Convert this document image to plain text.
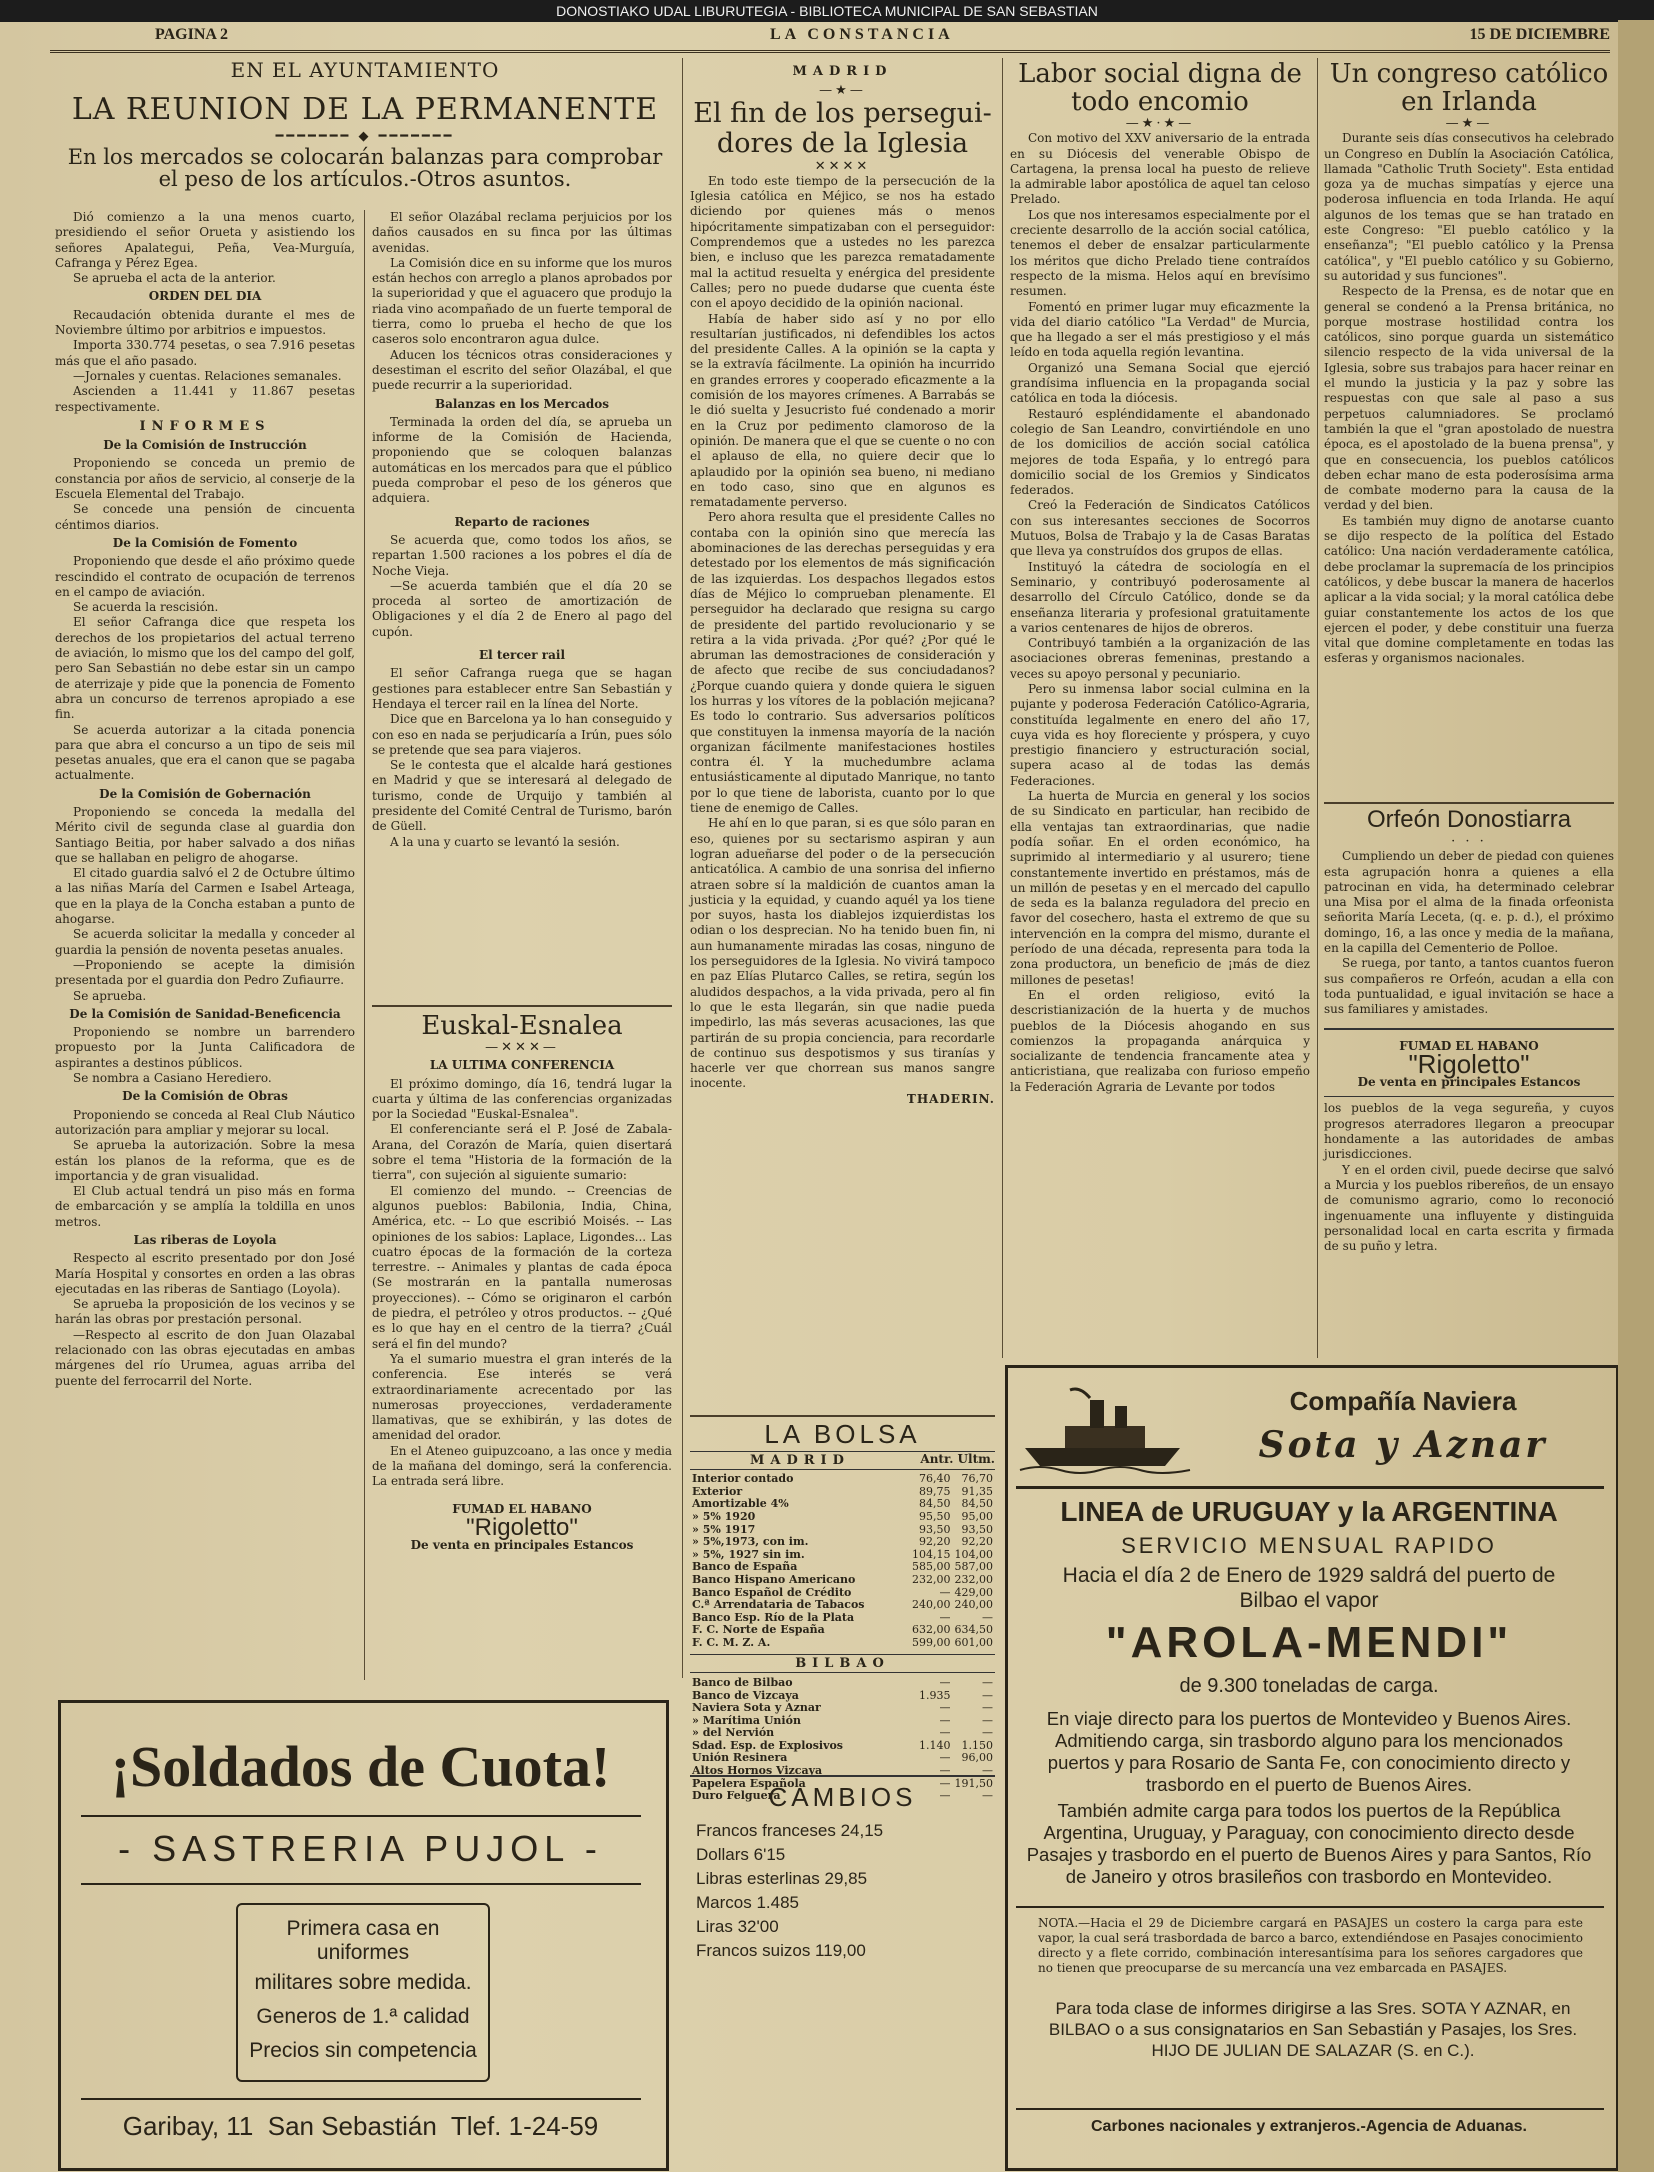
DONOSTIAKO UDAL LIBURUTEGIA - BIBLIOTECA MUNICIPAL DE SAN SEBASTIAN
PAGINA 2	LA CONSTANCIA	15 DE DICIEMBRE
EN EL AYUNTAMIENTO
LA REUNION DE LA PERMANENTE
━━━━━━━ ◆ ━━━━━━━
En los mercados se colocarán balanzas para comprobar el peso de los artículos.-Otros asuntos.

Dió comienzo a la una menos cuarto, presidiendo el señor Orueta y asistiendo los señores Apalategui, Peña, Vea-Murguía, Cafranga y Pérez Egea.

Se aprueba el acta de la anterior.

ORDEN DEL DIA

Recaudación obtenida durante el mes de Noviembre último por arbitrios e impuestos.

Importa 330.774 pesetas, o sea 7.916 pesetas más que el año pasado.

—Jornales y cuentas. Relaciones semanales.

Ascienden a 11.441 y 11.867 pesetas respectivamente.

INFORMES
De la Comisión de Instrucción

Proponiendo se conceda un premio de constancia por años de servicio, al conserje de la Escuela Elemental del Trabajo.

Se concede una pensión de cincuenta céntimos diarios.

De la Comisión de Fomento

Proponiendo que desde el año próximo quede rescindido el contrato de ocupación de terrenos en el campo de aviación.

Se acuerda la rescisión.

El señor Cafranga dice que respeta los derechos de los propietarios del actual terreno de aviación, lo mismo que los del campo del golf, pero San Sebastián no debe estar sin un campo de aterrizaje y pide que la ponencia de Fomento abra un concurso de terrenos apropiado a ese fin.

Se acuerda autorizar a la citada ponencia para que abra el concurso a un tipo de seis mil pesetas anuales, que era el canon que se pagaba actualmente.

De la Comisión de Gobernación

Proponiendo se conceda la medalla del Mérito civil de segunda clase al guardia don Santiago Beitia, por haber salvado a dos niñas que se hallaban en peligro de ahogarse.

El citado guardia salvó el 2 de Octubre último a las niñas María del Carmen e Isabel Arteaga, que en la playa de la Concha estaban a punto de ahogarse.

Se acuerda solicitar la medalla y conceder al guardia la pensión de noventa pesetas anuales.

—Proponiendo se acepte la dimisión presentada por el guardia don Pedro Zufiaurre.

Se aprueba.

De la Comisión de Sanidad-Beneficencia

Proponiendo se nombre un barrendero propuesto por la Junta Calificadora de aspirantes a destinos públicos.

Se nombra a Casiano Herediero.

De la Comisión de Obras

Proponiendo se conceda al Real Club Náutico autorización para ampliar y mejorar su local.

Se aprueba la autorización. Sobre la mesa están los planos de la reforma, que es de importancia y de gran visualidad.

El Club actual tendrá un piso más en forma de embarcación y se amplía la toldilla en unos metros.

Las riberas de Loyola

Respecto al escrito presentado por don José María Hospital y consortes en orden a las obras ejecutadas en las riberas de Santiago (Loyola).

Se aprueba la proposición de los vecinos y se harán las obras por prestación personal.

—Respecto al escrito de don Juan Olazabal relacionado con las obras ejecutadas en ambas márgenes del río Urumea, aguas arriba del puente del ferrocarril del Norte.

El señor Olazábal reclama perjuicios por los daños causados en su finca por las últimas avenidas.

La Comisión dice en su informe que los muros están hechos con arreglo a planos aprobados por la superioridad y que el aguacero que produjo la riada vino acompañado de un fuerte temporal de tierra, como lo prueba el hecho de que los caseros solo encontraron agua dulce.

Aducen los técnicos otras consideraciones y desestiman el escrito del señor Olazábal, el que puede recurrir a la superioridad.

Balanzas en los Mercados

Terminada la orden del día, se aprueba un informe de la Comisión de Hacienda, proponiendo que se coloquen balanzas automáticas en los mercados para que el público pueda comprobar el peso de los géneros que adquiera.

Reparto de raciones

Se acuerda que, como todos los años, se repartan 1.500 raciones a los pobres el día de Noche Vieja.

—Se acuerda también que el día 20 se proceda al sorteo de amortización de Obligaciones y el día 2 de Enero al pago del cupón.

El tercer rail

El señor Cafranga ruega que se hagan gestiones para establecer entre San Sebastián y Hendaya el tercer rail en la línea del Norte.

Dice que en Barcelona ya lo han conseguido y con eso en nada se perjudicaría a Irún, pues sólo se pretende que sea para viajeros.

Se le contesta que el alcalde hará gestiones en Madrid y que se interesará al delegado de turismo, conde de Urquijo y también al presidente del Comité Central de Turismo, barón de Güell.

A la una y cuarto se levantó la sesión.

Euskal-Esnalea
—✕✕✕—
LA ULTIMA CONFERENCIA

El próximo domingo, día 16, tendrá lugar la cuarta y última de las conferencias organizadas por la Sociedad "Euskal-Esnalea".

El conferenciante será el P. José de Zabala-Arana, del Corazón de María, quien disertará sobre el tema "Historia de la formación de la tierra", con sujeción al siguiente sumario:

El comienzo del mundo. -- Creencias de algunos pueblos: Babilonia, India, China, América, etc. -- Lo que escribió Moisés. -- Las opiniones de los sabios: Laplace, Ligondes... Las cuatro épocas de la formación de la corteza terrestre. -- Animales y plantas de cada época (Se mostrarán en la pantalla numerosas proyecciones). -- Cómo se originaron el carbón de piedra, el petróleo y otros productos. -- ¿Qué es lo que hay en el centro de la tierra? ¿Cuál será el fin del mundo?

Ya el sumario muestra el gran interés de la conferencia. Ese interés se verá extraordinariamente acrecentado por las numerosas proyecciones, verdaderamente llamativas, que se exhibirán, y las dotes de amenidad del orador.

En el Ateneo guipuzcoano, a las once y media de la mañana del domingo, será la conferencia. La entrada será libre.

FUMAD EL HABANO
"Rigoletto"
De venta en principales Estancos
MADRID
—★—
El fin de los perseguidores de la Iglesia
✕✕✕✕

En todo este tiempo de la persecución de la Iglesia católica en Méjico, se nos ha estado diciendo por quienes más o menos hipócritamente simpatizaban con el perseguidor: Comprendemos que a ustedes no les parezca bien, e incluso que les parezca rematadamente mal la actitud resuelta y enérgica del presidente Calles; pero no puede dudarse que cuenta éste con el apoyo decidido de la opinión nacional.

Había de haber sido así y no por ello resultarían justificados, ni defendibles los actos del presidente Calles. A la opinión se la capta y se la extravía fácilmente. La opinión ha incurrido en grandes errores y cooperado eficazmente a la comisión de los mayores crímenes. A Barrabás se le dió suelta y Jesucristo fué condenado a morir en la Cruz por pedimento clamoroso de la opinión. De manera que el que se cuente o no con el aplauso de ella, no quiere decir que lo aplaudido por la opinión sea bueno, ni mediano en todo caso, sino que en algunos es rematadamente perverso.

Pero ahora resulta que el presidente Calles no contaba con la opinión sino que merecía las abominaciones de las derechas perseguidas y era detestado por los elementos de más significación de las izquierdas. Los despachos llegados estos días de Méjico lo comprueban plenamente. El perseguidor ha declarado que resigna su cargo de presidente del partido revolucionario y se retira a la vida privada. ¿Por qué? ¿Por qué le abruman las demostraciones de consideración y de afecto que recibe de sus conciudadanos? ¿Porque cuando quiera y donde quiera le siguen los hurras y los vítores de la población mejicana? Es todo lo contrario. Sus adversarios políticos que constituyen la inmensa mayoría de la nación organizan fácilmente manifestaciones hostiles contra él. Y la muchedumbre aclama entusiásticamente al diputado Manrique, no tanto por lo que tiene de laborista, cuanto por lo que tiene de enemigo de Calles.

He ahí en lo que paran, si es que sólo paran en eso, quienes por su sectarismo aspiran y aun logran adueñarse del poder o de la persecución anticatólica. A cambio de una sonrisa del infierno atraen sobre sí la maldición de cuantos aman la justicia y la equidad, y cuando aquél ya los tiene por suyos, hasta los diablejos izquierdistas los odian o los desprecian. No ha tenido buen fin, ni aun humanamente miradas las cosas, ninguno de los perseguidores de la Iglesia. No vivirá tampoco en paz Elías Plutarco Calles, se retira, según los aludidos despachos, a la vida privada, pero al fin lo que le esta llegarán, sin que nadie pueda impedirlo, las más severas acusaciones, las que partirán de su propia conciencia, para recordarle de continuo sus despotismos y sus tiranías y hacerle ver que chorrean sus manos sangre inocente.

THADERIN.
LA BOLSA
MADRID	Antr. Ultm.
Interior contado	76,40	76,70
Exterior	89,75	91,35
Amortizable 4%	84,50	84,50
» 5% 1920	95,50	95,00
» 5% 1917	93,50	93,50
» 5%,1973, con im.	92,20	92,20
» 5%, 1927 sin im.	104,15	104,00
Banco de España	585,00	587,00
Banco Hispano Americano	232,00	232,00
Banco Español de Crédito	—	429,00
C.ª Arrendataria de Tabacos	240,00	240,00
Banco Esp. Río de la Plata	—	—
F. C. Norte de España	632,00	634,50
F. C. M. Z. A.	599,00	601,00
BILBAO
Banco de Bilbao	—	—
Banco de Vizcaya	1.935	—
Naviera Sota y Aznar	—	—
» Marítima Unión	—	—
» del Nervión	—	—
Sdad. Esp. de Explosivos	1.140	1.150
Unión Resinera	—	96,00
Altos Hornos Vizcaya	—	—
Papelera Española	—	191,50
Duro Felguera	—	—
CAMBIOS
Francos franceses 24,15
Dollars 6'15
Libras esterlinas 29,85
Marcos 1.485
Liras 32'00
Francos suizos 119,00
Labor social digna de todo encomio
—★·★—

Con motivo del XXV aniversario de la entrada en su Diócesis del venerable Obispo de Cartagena, la prensa local ha puesto de relieve la admirable labor apostólica de aquel tan celoso Prelado.

Los que nos interesamos especialmente por el creciente desarrollo de la acción social católica, tenemos el deber de ensalzar particularmente los méritos que dicho Prelado tiene contraídos respecto de la misma. Helos aquí en brevísimo resumen.

Fomentó en primer lugar muy eficazmente la vida del diario católico "La Verdad" de Murcia, que ha llegado a ser el más prestigioso y el más leído en toda aquella región levantina.

Organizó una Semana Social que ejerció grandísima influencia en la propaganda social católica en toda la diócesis.

Restauró espléndidamente el abandonado colegio de San Leandro, convirtiéndole en uno de los domicilios de acción social católica mejores de toda España, y lo entregó para domicilio social de los Gremios y Sindicatos federados.

Creó la Federación de Sindicatos Católicos con sus interesantes secciones de Socorros Mutuos, Bolsa de Trabajo y la de Casas Baratas que lleva ya construídos dos grupos de ellas.

Instituyó la cátedra de sociología en el Seminario, y contribuyó poderosamente al desarrollo del Círculo Católico, donde se da enseñanza literaria y profesional gratuitamente a varios centenares de hijos de obreros.

Contribuyó también a la organización de las asociaciones obreras femeninas, prestando a veces su apoyo personal y pecuniario.

Pero su inmensa labor social culmina en la pujante y poderosa Federación Católico-Agraria, constituída legalmente en enero del año 17, cuya vida es hoy floreciente y próspera, y cuyo prestigio financiero y estructuración social, supera acaso al de todas las demás Federaciones.

La huerta de Murcia en general y los socios de su Sindicato en particular, han recibido de ella ventajas tan extraordinarias, que nadie podía soñar. En el orden económico, ha suprimido al intermediario y al usurero; tiene constantemente invertido en préstamos, más de un millón de pesetas y en el mercado del capullo de seda es la balanza reguladora del precio en favor del cosechero, hasta el extremo de que su intervención en la compra del mismo, durante el período de una década, representa para toda la zona productora, un beneficio de ¡más de diez millones de pesetas!

En el orden religioso, evitó la descristianización de la huerta y de muchos pueblos de la Diócesis ahogando en sus comienzos la propaganda anárquica y socializante de tendencia francamente atea y anticristiana, que realizaba con furioso empeño la Federación Agraria de Levante por todos

Un congreso católico en Irlanda
—★—

Durante seis días consecutivos ha celebrado un Congreso en Dublín la Asociación Católica, llamada "Catholic Truth Society". Esta entidad goza ya de muchas simpatías y ejerce una poderosa influencia en toda Irlanda. He aquí algunos de los temas que se han tratado en este Congreso: "El pueblo católico y la enseñanza"; "El pueblo católico y la Prensa católica", y "El pueblo católico y su Gobierno, su autoridad y sus funciones".

Respecto de la Prensa, es de notar que en general se condenó a la Prensa británica, no porque mostrase hostilidad contra los católicos, sino porque guarda un sistemático silencio respecto de la vida universal de la Iglesia, sobre sus trabajos para hacer reinar en el mundo la justicia y la paz y sobre las respuestas con que sale al paso a sus perpetuos calumniadores. Se proclamó también la que el "gran apostolado de nuestra época, es el apostolado de la buena prensa", y que en consecuencia, los pueblos católicos deben echar mano de esta poderosísima arma de combate moderno para la causa de la verdad y del bien.

Es también muy digno de anotarse cuanto se dijo respecto de la política del Estado católico: Una nación verdaderamente católica, debe proclamar la supremacía de los principios católicos, y debe buscar la manera de hacerlos aplicar a la vida social; y la moral católica debe guiar constantemente los actos de los que ejercen el poder, y debe constituir una fuerza vital que domine completamente en todas las esferas y organismos nacionales.

Orfeón Donostiarra
· · ·

Cumpliendo un deber de piedad con quienes esta agrupación honra a quienes a ella patrocinan en vida, ha determinado celebrar una Misa por el alma de la finada orfeonista señorita María Leceta, (q. e. p. d.), el próximo domingo, 16, a las once y media de la mañana, en la capilla del Cementerio de Polloe.

Se ruega, por tanto, a tantos cuantos fueron sus compañeros re Orfeón, acudan a ella con toda puntualidad, e igual invitación se hace a sus familiares y amistades.

FUMAD EL HABANO
"Rigoletto"
De venta en principales Estancos

los pueblos de la vega segureña, y cuyos progresos aterradores llegaron a preocupar hondamente a las autoridades de ambas jurisdicciones.

Y en el orden civil, puede decirse que salvó a Murcia y los pueblos ribereños, de un ensayo de comunismo agrario, como lo reconoció ingenuamente una influyente y distinguida personalidad local en carta escrita y firmada de su puño y letra.

Compañía Naviera
Sota y Aznar
LINEA de URUGUAY y la ARGENTINA
SERVICIO MENSUAL RAPIDO
Hacia el día 2 de Enero de 1929 saldrá del puerto de Bilbao el vapor
"AROLA-MENDI"
de 9.300 toneladas de carga.
En viaje directo para los puertos de Montevideo y Buenos Aires. Admitiendo carga, sin trasbordo alguno para los mencionados puertos y para Rosario de Santa Fe, con conocimiento directo y trasbordo en el puerto de Buenos Aires.
También admite carga para todos los puertos de la República Argentina, Uruguay, y Paraguay, con conocimiento directo desde Pasajes y trasbordo en el puerto de Buenos Aires y para Santos, Río de Janeiro y otros brasileños con trasbordo en Montevideo.
NOTA.—Hacia el 29 de Diciembre cargará en PASAJES un costero la carga para este vapor, la cual será trasbordada de barco a barco, extendiéndose en Pasajes conocimiento directo y a flete corrido, combinación interesantísima para los señores cargadores que no tienen que preocuparse de su mercancía una vez embarcada en PASAJES.
Para toda clase de informes dirigirse a las Sres. SOTA Y AZNAR, en BILBAO o a sus consignatarios en San Sebastián y Pasajes, los Sres. HIJO DE JULIAN DE SALAZAR (S. en C.).
Carbones nacionales y extranjeros.-Agencia de Aduanas.
¡Soldados de Cuota!
- SASTRERIA PUJOL -
Primera casa en uniformes
militares sobre medida.
Generos de 1.ª calidad
Precios sin competencia
Garibay, 11  San Sebastián  Tlef. 1-24-59
